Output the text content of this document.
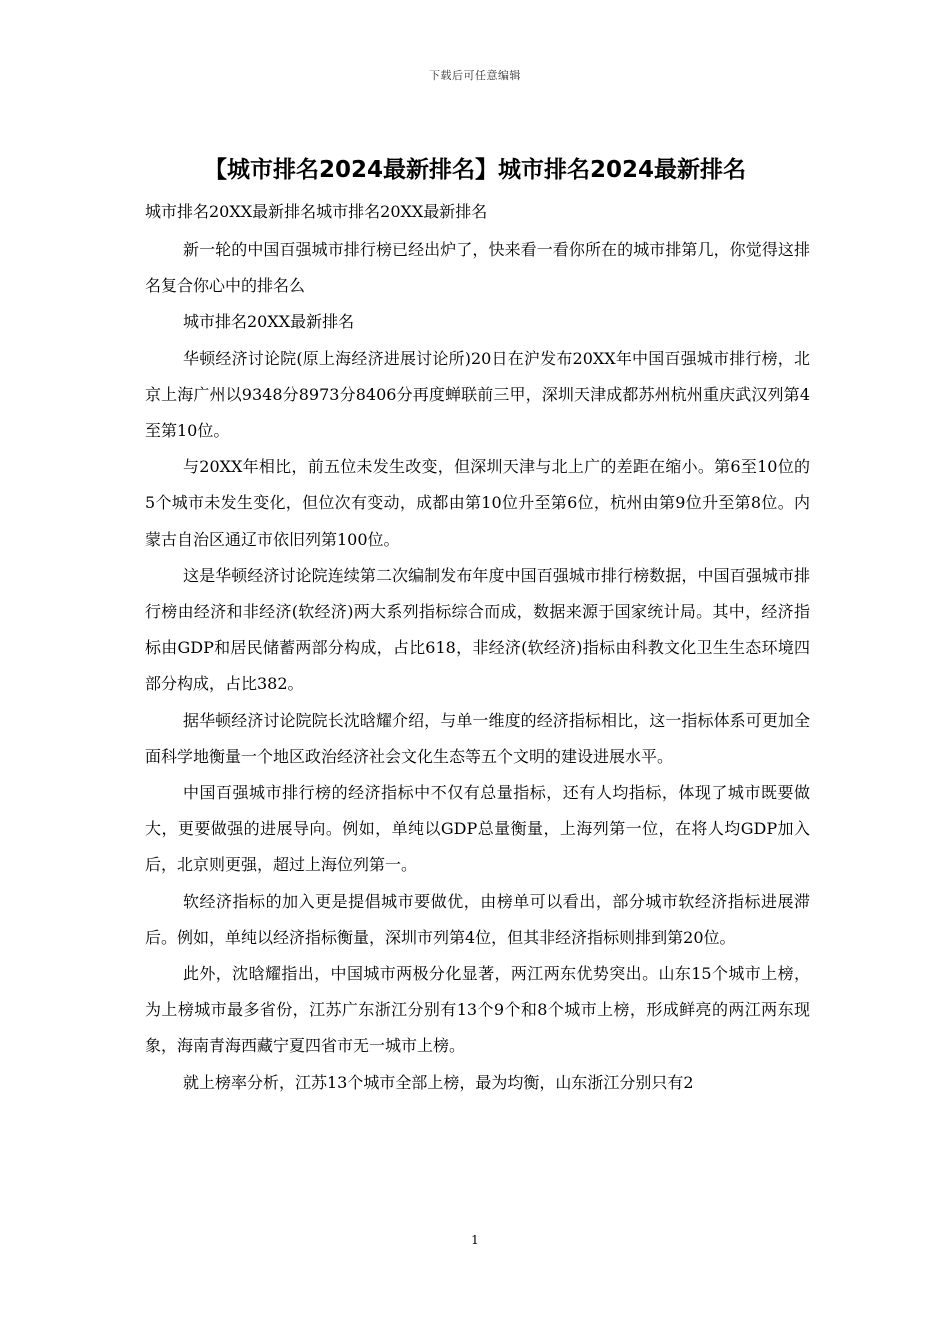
下载后可任意编辑
【城市排名2024最新排名】城市排名2024最新排名

城市排名20XX最新排名城市排名20XX最新排名

新一轮的中国百强城市排行榜已经出炉了，快来看一看你所在的城市排第几，你觉得这排名复合你心中的排名么

城市排名20XX最新排名

华顿经济讨论院(原上海经济进展讨论所)20日在沪发布20XX年中国百强城市排行榜，北京上海广州以9348分8973分8406分再度蝉联前三甲，深圳天津成都苏州杭州重庆武汉列第4至第10位。

与20XX年相比，前五位未发生改变，但深圳天津与北上广的差距在缩小。第6至10位的5个城市未发生变化，但位次有变动，成都由第10位升至第6位，杭州由第9位升至第8位。内蒙古自治区通辽市依旧列第100位。

这是华顿经济讨论院连续第二次编制发布年度中国百强城市排行榜数据，中国百强城市排行榜由经济和非经济(软经济)两大系列指标综合而成，数据来源于国家统计局。其中，经济指标由GDP和居民储蓄两部分构成，占比618，非经济(软经济)指标由科教文化卫生生态环境四部分构成，占比382。

据华顿经济讨论院院长沈晗耀介绍，与单一维度的经济指标相比，这一指标体系可更加全面科学地衡量一个地区政治经济社会文化生态等五个文明的建设进展水平。

中国百强城市排行榜的经济指标中不仅有总量指标，还有人均指标，体现了城市既要做大，更要做强的进展导向。例如，单纯以GDP总量衡量，上海列第一位，在将人均GDP加入后，北京则更强，超过上海位列第一。

软经济指标的加入更是提倡城市要做优，由榜单可以看出，部分城市软经济指标进展滞后。例如，单纯以经济指标衡量，深圳市列第4位，但其非经济指标则排到第20位。

此外，沈晗耀指出，中国城市两极分化显著，两江两东优势突出。山东15个城市上榜，为上榜城市最多省份，江苏广东浙江分别有13个9个和8个城市上榜，形成鲜亮的两江两东现象，海南青海西藏宁夏四省市无一城市上榜。

就上榜率分析，江苏13个城市全部上榜，最为均衡，山东浙江分别只有2

1
